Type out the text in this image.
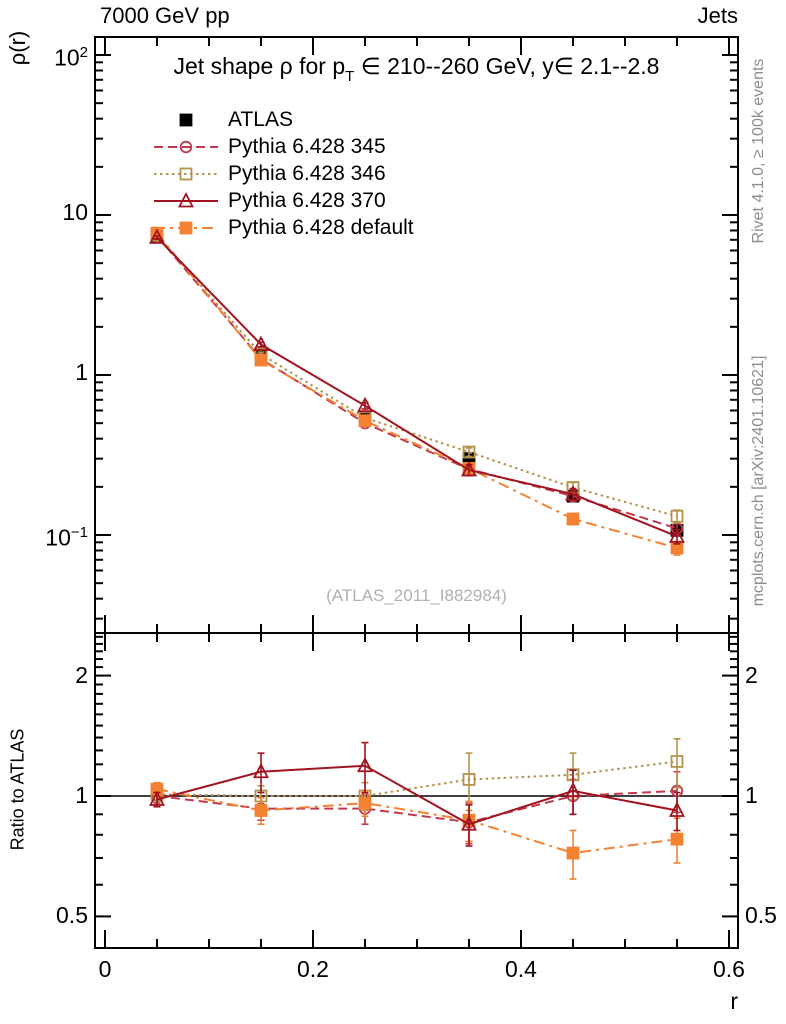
7000 GeV pp	Jets
ρ(r)
Jet shape ρ for $p_T$ ∈ 210--260 GeV, y∈ 2.1--2.8
ATLAS
Pythia 6.428 345
Pythia 6.428 346
Pythia 6.428 370
Pythia 6.428 default
(ATLAS_2011_I882984)
Rivet 4.1.0, ≥ 100k events
mcplots.cern.ch [arXiv:2401.10621]
Ratio to ATLAS
r
$10^2$
10
1
$10^{-1}$
2	2
1	1
0.5	0.5
0	0.2	0.4	0.6
